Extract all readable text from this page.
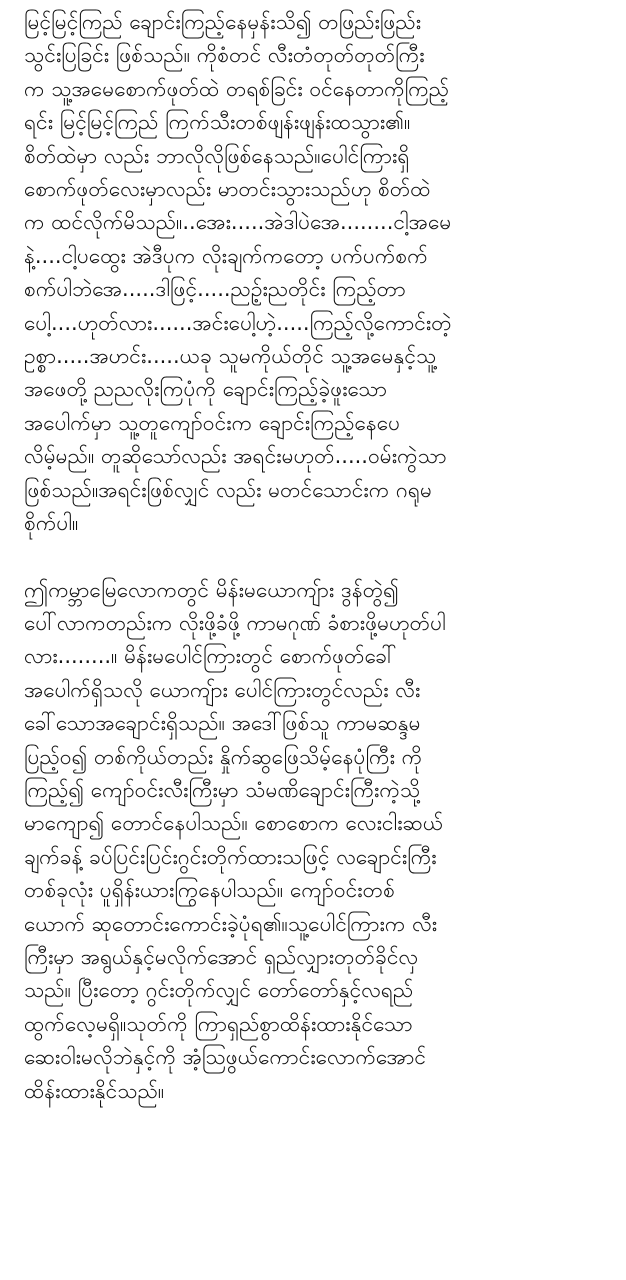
မြင့်မြင့်ကြည် ချောင်းကြည့်နေမှန်းသိ၍ တဖြည်းဖြည်း
သွင်းပြခြင်း ဖြစ်သည်။ ကိုစံတင် လီးတံတုတ်တုတ်ကြီး
က သူ့အမေစောက်ဖုတ်ထဲ တရစ်ခြင်း ဝင်နေတာကိုကြည့်
ရင်း မြင့်မြင့်ကြည် ကြက်သီးတစ်ဖျန်းဖျန်းထသွား၏။
စိတ်ထဲမှာ လည်း ဘာလိုလိုဖြစ်နေသည်။ပေါင်ကြားရှိ
စောက်ဖုတ်လေးမှာလည်း မာတင်းသွားသည်ဟု စိတ်ထဲ
က ထင်လိုက်မိသည်။..အေး.....အဲဒါပဲအေ........ငါ့အမေ
နဲ့....ငါ့ပထွေး အဲဒီပုက လိုးချက်ကတော့ ပက်ပက်စက်
စက်ပါဘဲအေ.....ဒါဖြင့်.....ညဉ့်းညတိုင်း ကြည့်တာ
ပေါ့....ဟုတ်လား......အင်းပေါ့ဟဲ့.....ကြည့်လို့ကောင်းတဲ့
ဥစ္စာ.....အဟင်း.....ယခု သူမကိုယ်တိုင် သူ့အမေနှင့်သူ့
အဖေတို့ ညညလိုးကြပုံကို ချောင်းကြည့်ခဲ့ဖူးသော
အပေါက်မှာ သူ့တူကျော်ဝင်းက ချောင်းကြည့်နေပေ
လိမ့်မည်။ တူဆိုသော်လည်း အရင်းမဟုတ်.....ဝမ်းကွဲသာ
ဖြစ်သည်။အရင်းဖြစ်လျှင် လည်း မတင်သောင်းက ဂရုမ
စိုက်ပါ။
ဤကမ္ဘာမြေလောကတွင် မိန်းမယောကျ်ား ဒွန်တွဲ၍
ပေါ်လာကတည်းက လိုးဖို့ခံဖို့ ကာမဂုဏ် ခံစားဖို့မဟုတ်ပါ
လား........။ မိန်းမပေါင်ကြားတွင် စောက်ဖုတ်ခေါ်
အပေါက်ရှိသလို ယောကျ်ား ပေါင်ကြားတွင်လည်း လီး
ခေါ်သောအချောင်းရှိသည်။ အဒေါ်ဖြစ်သူ ကာမဆန္ဒမ
ပြည့်ဝ၍ တစ်ကိုယ်တည်း နှိုက်ဆွဖြေသိမ့်နေပုံကြီး ကို
ကြည့်၍ ကျော်ဝင်းလီးကြီးမှာ သံမဏိချောင်းကြီးကဲ့သို့
မာကျော၍ တောင်နေပါသည်။ စောစောက လေးငါးဆယ်
ချက်ခန့် ခပ်ပြင်းပြင်းဂွင်းတိုက်ထားသဖြင့် လချောင်းကြီး
တစ်ခုလုံး ပူရှိန်းယားကြွနေပါသည်။ ကျော်ဝင်းတစ်
ယောက် ဆုတောင်းကောင်းခဲ့ပုံရ၏။သူ့ပေါင်ကြားက လီး
ကြီးမှာ အရွယ်နှင့်မလိုက်အောင် ရှည်လျှားတုတ်ခိုင်လှ
သည်။ ပြီးတော့ ဂွင်းတိုက်လျှင် တော်တော်နှင့်လရည်
ထွက်လေ့မရှိ။သုတ်ကို ကြာရှည်စွာထိန်းထားနိုင်သော
ဆေးဝါးမလိုဘဲနှင့်ကို အံ့သြဖွယ်ကောင်းလောက်အောင်
ထိန်းထားနိုင်သည်။
